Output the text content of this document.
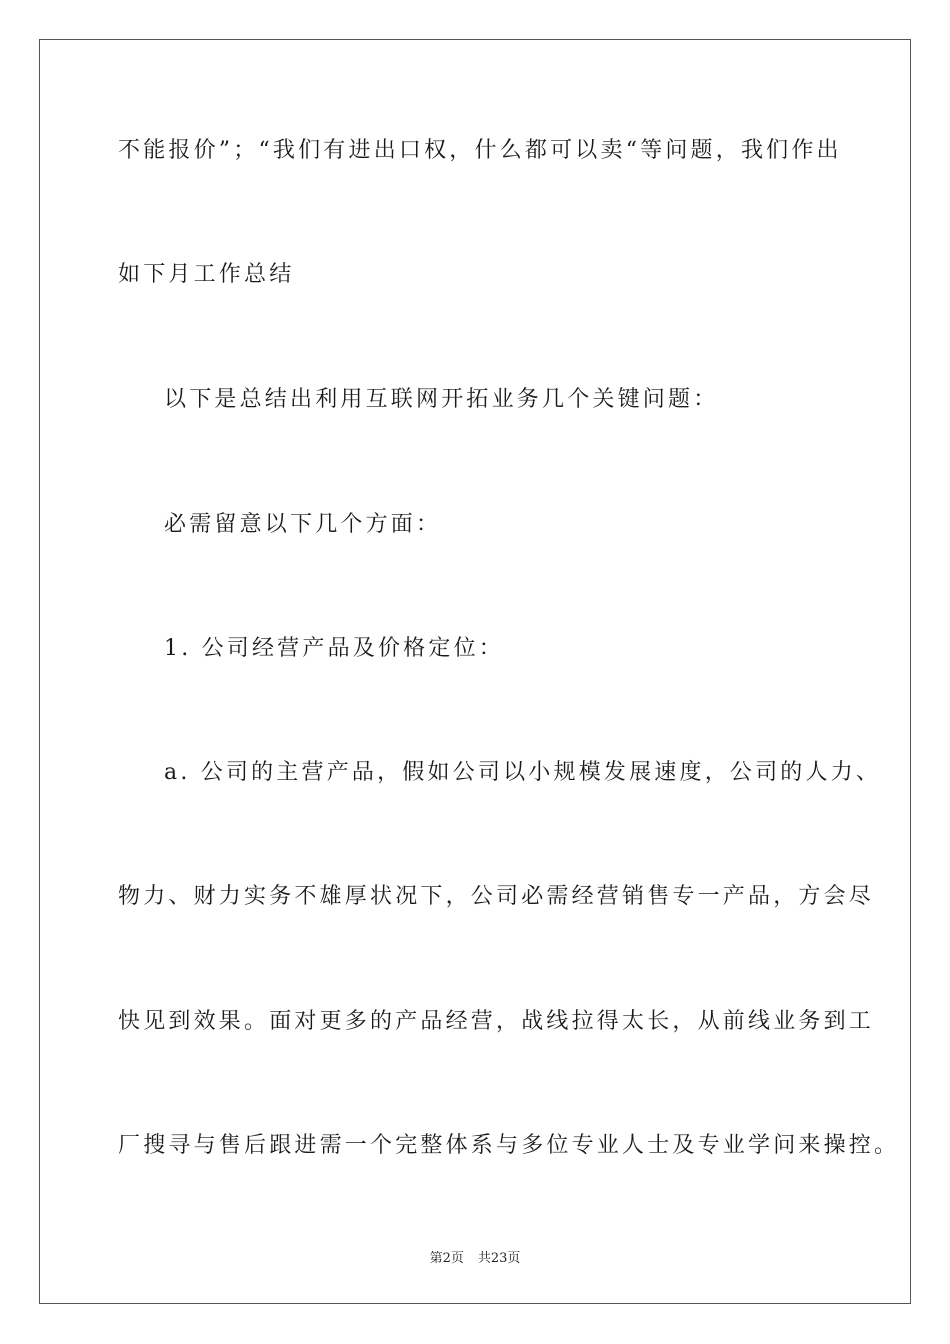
不能报价”；“我们有进出口权，什么都可以卖“等问题，我们作出
如下月工作总结
以下是总结出利用互联网开拓业务几个关键问题：
必需留意以下几个方面：
1. 公司经营产品及价格定位：
a. 公司的主营产品，假如公司以小规模发展速度，公司的人力、
物力、财力实务不雄厚状况下，公司必需经营销售专一产品，方会尽
快见到效果。面对更多的产品经营，战线拉得太长，从前线业务到工
厂搜寻与售后跟进需一个完整体系与多位专业人士及专业学问来操控。
第2页 共23页
